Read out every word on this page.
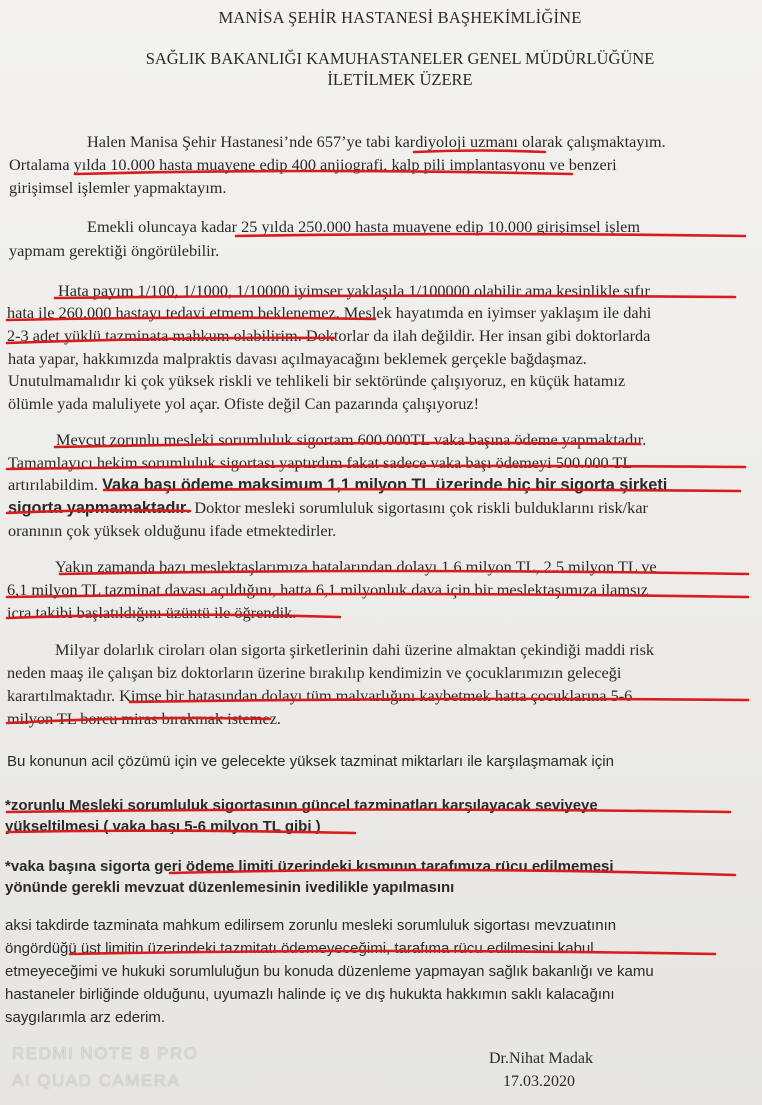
MANİSA ŞEHİR HASTANESİ BAŞHEKİMLİĞİNE
SAĞLIK BAKANLIĞI KAMUHASTANELER GENEL MÜDÜRLÜĞÜNE
İLETİLMEK ÜZERE
Halen Manisa Şehir Hastanesi’nde 657’ye tabi kardiyoloji uzmanı olarak çalışmaktayım.
Ortalama yılda 10.000 hasta muayene edip 400 anjiografi, kalp pili implantasyonu ve benzeri
girişimsel işlemler yapmaktayım.
Emekli oluncaya kadar 25 yılda 250.000 hasta muayene edip 10.000 girişimsel işlem
yapmam gerektiği öngörülebilir.
Hata payım 1/100, 1/1000, 1/10000 iyimser yaklaşıla 1/100000 olabilir ama kesinlikle sıfır
hata ile 260.000 hastayı tedavi etmem beklenemez. Meslek hayatımda en iyimser yaklaşım ile dahi
2-3 adet yüklü tazminata mahkum olabilirim. Doktorlar da ilah değildir. Her insan gibi doktorlarda
hata yapar, hakkımızda malpraktis davası açılmayacağını beklemek gerçekle bağdaşmaz.
Unutulmamalıdır ki çok yüksek riskli ve tehlikeli bir sektöründe çalışıyoruz, en küçük hatamız
ölümle yada maluliyete yol açar. Ofiste değil Can pazarında çalışıyoruz!
Mevcut zorunlu mesleki sorumluluk sigortam 600.000TL vaka başına ödeme yapmaktadır.
Tamamlayıcı hekim sorumluluk sigortası yaptırdım fakat sadece vaka başı ödemeyi 500.000 TL
artırılabildim. Vaka başı ödeme maksimum 1,1 milyon TL üzerinde hiç bir sigorta şirketi
sigorta yapmamaktadır. Doktor mesleki sorumluluk sigortasını çok riskli bulduklarını risk/kar
oranının çok yüksek olduğunu ifade etmektedirler.
Yakın zamanda bazı meslektaşlarımıza hatalarından dolayı 1.6 milyon TL, 2.5 milyon TL ve
6,1 milyon TL tazminat davası açıldığını, hatta 6,1 milyonluk dava için bir meslektaşımıza ilamsız
icra takibi başlatıldığını üzüntü ile öğrendik.
Milyar dolarlık ciroları olan sigorta şirketlerinin dahi üzerine almaktan çekindiği maddi risk
neden maaş ile çalışan biz doktorların üzerine bırakılıp kendimizin ve çocuklarımızın geleceği
karartılmaktadır. Kimse bir hatasından dolayı tüm malvarlığını kaybetmek hatta çocuklarına 5-6
milyon TL borcu miras bırakmak istemez.
Bu konunun acil çözümü için ve gelecekte yüksek tazminat miktarları ile karşılaşmamak için
*zorunlu Mesleki sorumluluk sigortasının güncel tazminatları karşılayacak seviyeye
yükseltilmesi ( vaka başı 5-6 milyon TL gibi )
*vaka başına sigorta geri ödeme limiti üzerindeki kısmının tarafımıza rücu edilmemesi
yönünde gerekli mevzuat düzenlemesinin ivedilikle yapılmasını
aksi takdirde tazminata mahkum edilirsem zorunlu mesleki sorumluluk sigortası mevzuatının
öngördüğü üst limitin üzerindeki tazmitatı ödemeyeceğimi, tarafıma rücu edilmesini kabul
etmeyeceğimi ve hukuki sorumluluğun bu konuda düzenleme yapmayan sağlık bakanlığı ve kamu
hastaneler birliğinde olduğunu, uyumazlı halinde iç ve dış hukukta hakkımın saklı kalacağını
saygılarımla arz ederim.
Dr.Nihat Madak
17.03.2020
REDMI NOTE 8 PRO
AI QUAD CAMERA
